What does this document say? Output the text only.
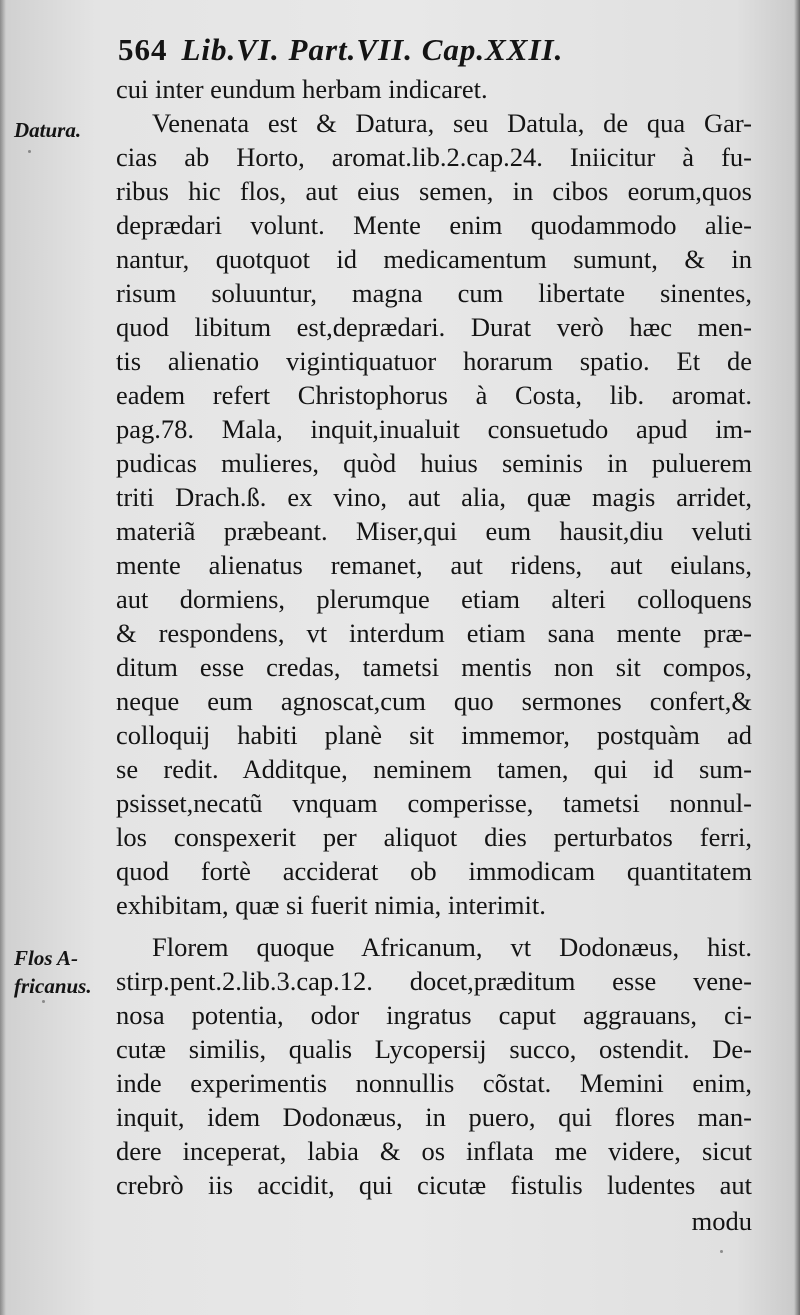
564 Lib.VI. Part.VII. Cap.XXII.
Datura.
Flos A-
fricanus.
cui inter eundum herbam indicaret.
Venenata est & Datura, seu Datula, de qua Gar-
cias ab Horto, aromat.lib.2.cap.24. Iniicitur à fu-
ribus hic flos, aut eius semen, in cibos eorum,quos
deprædari volunt. Mente enim quodammodo alie-
nantur, quotquot id medicamentum sumunt, & in
risum soluuntur, magna cum libertate sinentes,
quod libitum est,deprædari. Durat verò hæc men-
tis alienatio vigintiquatuor horarum spatio. Et de
eadem refert Christophorus à Costa, lib. aromat.
pag.78. Mala, inquit,inualuit consuetudo apud im-
pudicas mulieres, quòd huius seminis in puluerem
triti Drach.ß. ex vino, aut alia, quæ magis arridet,
materiã præbeant. Miser,qui eum hausit,diu veluti
mente alienatus remanet, aut ridens, aut eiulans,
aut dormiens, plerumque etiam alteri colloquens
& respondens, vt interdum etiam sana mente præ-
ditum esse credas, tametsi mentis non sit compos,
neque eum agnoscat,cum quo sermones confert,&
colloquij habiti planè sit immemor, postquàm ad
se redit. Additque, neminem tamen, qui id sum-
psisset,necatũ vnquam comperisse, tametsi nonnul-
los conspexerit per aliquot dies perturbatos ferri,
quod fortè acciderat ob immodicam quantitatem
exhibitam, quæ si fuerit nimia, interimit.
Florem quoque Africanum, vt Dodonæus, hist.
stirp.pent.2.lib.3.cap.12. docet,præditum esse vene-
nosa potentia, odor ingratus caput aggrauans, ci-
cutæ similis, qualis Lycopersij succo, ostendit. De-
inde experimentis nonnullis cõstat. Memini enim,
inquit, idem Dodonæus, in puero, qui flores man-
dere inceperat, labia & os inflata me videre, sicut
crebrò iis accidit, qui cicutæ fistulis ludentes aut
modu
